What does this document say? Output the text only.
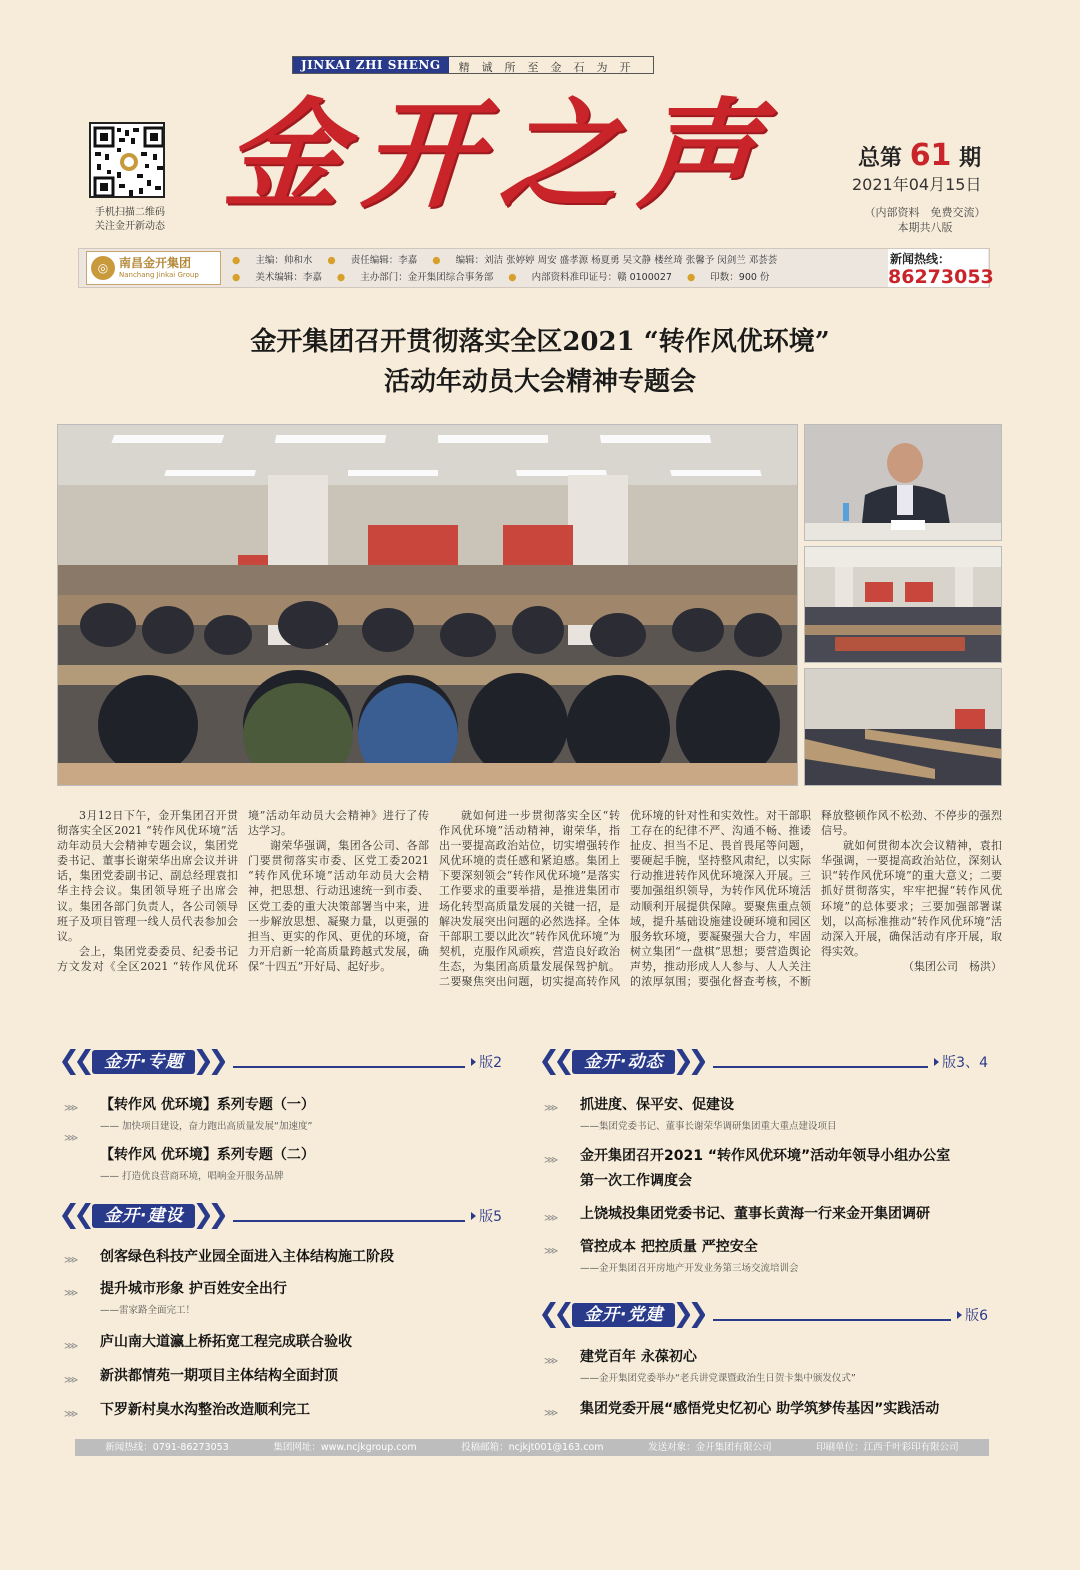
JINKAI ZHI SHENG	精诚所至金石为开
手机扫描二维码
关注金开新动态
金开之声	总第 61 期
2021年04月15日
（内部资料　免费交流）
本期共八版
◎ 南昌金开集团
Nanchang Jinkai Group
● 主编：帅和水 ● 责任编辑：李嘉 ● 编辑：刘洁 张婷婷 周安 盛孝源 杨夏勇 吴文静 楼丝琦 张馨予 闵剑兰 邓荟荟
● 美术编辑：李嘉 ● 主办部门：金开集团综合事务部 ● 内部资料准印证号：赣 0100027 ● 印数：900 份
新闻热线：
86273053
金开集团召开贯彻落实全区2021 “转作风优环境”
活动年动员大会精神专题会

3月12日下午，金开集团召开贯彻落实全区2021 “转作风优环境”活动年动员大会精神专题会议，集团党委书记、董事长谢荣华出席会议并讲话，集团党委副书记、副总经理袁扣华主持会议。集团领导班子出席会议。集团各部门负责人，各公司领导班子及项目管理一线人员代表参加会议。

会上，集团党委委员、纪委书记方文发对《全区2021 “转作风优环境”活动年动员大会精神》进行了传达学习。

谢荣华强调，集团各公司、各部门要贯彻落实市委、区党工委2021 “转作风优环境”活动年动员大会精神，把思想、行动迅速统一到市委、区党工委的重大决策部署当中来，进一步解放思想、凝聚力量，以更强的担当、更实的作风、更优的环境，奋力开启新一轮高质量跨越式发展，确保“十四五”开好局、起好步。

就如何进一步贯彻落实全区“转作风优环境”活动精神，谢荣华，指出一要提高政治站位，切实增强转作风优环境的责任感和紧迫感。集团上下要深刻领会“转作风优环境”是落实工作要求的重要举措，是推进集团市场化转型高质量发展的关键一招，是解决发展突出问题的必然选择。全体干部职工要以此次“转作风优环境”为契机，克服作风顽疾，营造良好政治生态，为集团高质量发展保驾护航。二要聚焦突出问题，切实提高转作风优环境的针对性和实效性。对干部职工存在的纪律不严、沟通不畅、推诿扯皮、担当不足、畏首畏尾等问题，要硬起手腕，坚持整风肃纪，以实际行动推进转作风优环境深入开展。三要加强组织领导，为转作风优环境活动顺利开展提供保障。要聚焦重点领域，提升基础设施建设硬环境和园区服务软环境，要凝聚强大合力，牢固树立集团“一盘棋”思想；要营造舆论声势，推动形成人人参与、人人关注的浓厚氛围；要强化督查考核，不断释放整顿作风不松劲、不停步的强烈信号。

就如何贯彻本次会议精神，袁扣华强调，一要提高政治站位，深刻认识“转作风优环境”的重大意义；二要抓好贯彻落实，牢牢把握“转作风优环境”的总体要求；三要加强部署谋划，以高标准推动“转作风优环境”活动深入开展，确保活动有序开展，取得实效。

（集团公司　杨洪）

金开·专题	版2
⋙ 【转作风 优环境】系列专题（一）
—— 加快项目建设，奋力跑出高质量发展“加速度”
⋙
【转作风 优环境】系列专题（二）
—— 打造优良营商环境，唱响金开服务品牌
金开·建设	版5
⋙ 创客绿色科技产业园全面进入主体结构施工阶段
⋙ 提升城市形象 护百姓安全出行
——雷家路全面完工！
⋙ 庐山南大道瀛上桥拓宽工程完成联合验收
⋙ 新洪都情苑一期项目主体结构全面封顶
⋙ 下罗新村臭水沟整治改造顺利完工
金开·动态	版3、4
⋙ 抓进度、保平安、促建设
——集团党委书记、董事长谢荣华调研集团重大重点建设项目
⋙ 金开集团召开2021 “转作风优环境”活动年领导小组办公室
第一次工作调度会
⋙ 上饶城投集团党委书记、董事长黄海一行来金开集团调研
⋙ 管控成本 把控质量 严控安全
——金开集团召开房地产开发业务第三场交流培训会
金开·党建	版6
⋙ 建党百年 永葆初心
——金开集团党委举办“老兵讲党课暨政治生日贺卡集中颁发仪式”
⋙ 集团党委开展“感悟党史忆初心 助学筑梦传基因”实践活动
新闻热线：0791-86273053	集团网址：www.ncjkgroup.com	投稿邮箱：ncjkjt001@163.com	发送对象：金开集团有限公司	印刷单位：江西千叶彩印有限公司
